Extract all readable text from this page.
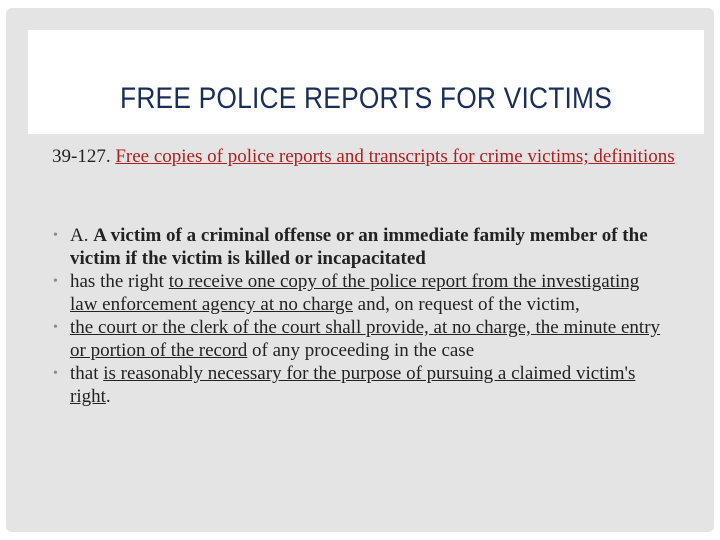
FREE POLICE REPORTS FOR VICTIMS
39-127. Free copies of police reports and transcripts for crime victims; definitions
• A. A victim of a criminal offense or an immediate family member of the victim if the victim is killed or incapacitated
• has the right to receive one copy of the police report from the investigating law enforcement agency at no charge and, on request of the victim,
• the court or the clerk of the court shall provide, at no charge, the minute entry or portion of the record of any proceeding in the case
• that is reasonably necessary for the purpose of pursuing a claimed victim's right.
